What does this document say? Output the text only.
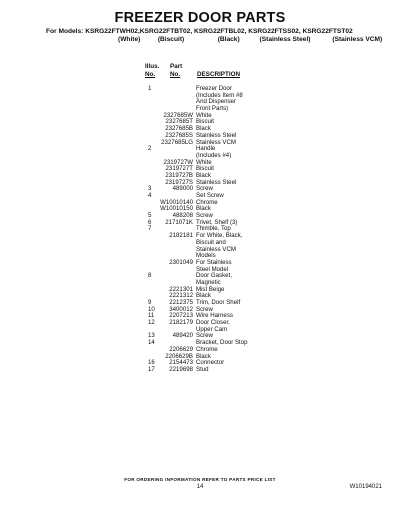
FREEZER DOOR PARTS
For Models: KSRG22FTWH02,KSRG22FTBT02, KSRG22FTBL02, KSRG22FTSS02, KSRG22FTST02
(White)	(Biscuit)	(Black)	(Stainless Steel)	(Stainless VCM)
Illus.
No.
Part
No.	DESCRIPTION
1	Freezer Door
(Includes Item #8
And Dispenser
Front Parts)
2327685W White
2327685T Biscuit
2327685B Black
2327685S Stainless Steel
2327685LG Stainless VCM
2	Handle
(Includes #4)
2319727W White
2319727T Biscuit
2319727B Black
2319727S Stainless Steel
3	489000 Screw
4	Set Screw
W10010140 Chrome
W10010150 Black
5	488208 Screw
6	2171071K Trivet, Shelf (3)
7	Thimble, Top
2182181 For White, Black,
Biscuit and
Stainless VCM
Models
2301049 For Stainless
Steel Model
8	Door Gasket,
Magnetic
2221301 Mist Beige
2221312 Black
9	2212375 Trim, Door Shelf
10	3400012 Screw
11	2207213 Wire Harness
12	2182179 Door Closer,
Upper Cam
13	489420 Screw
14	Bracket, Door Stop
2206629 Chrome
2206629B Black
16	2154473 Connector
17	2219698 Stud
FOR ORDERING INFORMATION REFER TO PARTS PRICE LIST
14	W10194021
